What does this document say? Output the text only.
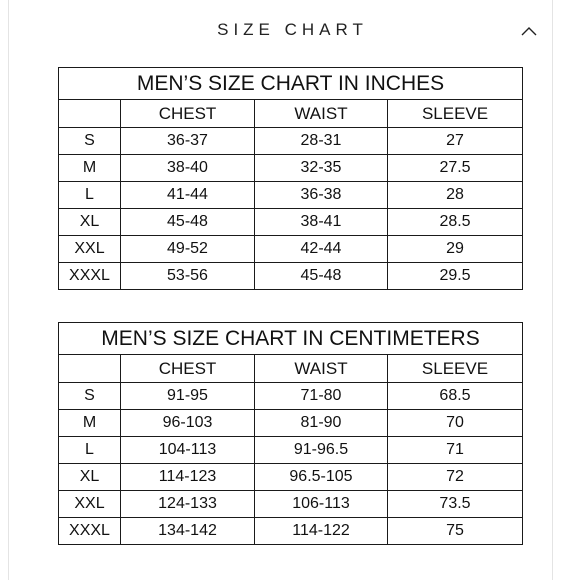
SIZE CHART
MEN’S SIZE CHART IN INCHES			
	CHEST	WAIST	SLEEVE
S	36-37	28-31	27
M	38-40	32-35	27.5
L	41-44	36-38	28
XL	45-48	38-41	28.5
XXL	49-52	42-44	29
XXXL	53-56	45-48	29.5
MEN’S SIZE CHART IN CENTIMETERS			
	CHEST	WAIST	SLEEVE
S	91-95	71-80	68.5
M	96-103	81-90	70
L	104-113	91-96.5	71
XL	114-123	96.5-105	72
XXL	124-133	106-113	73.5
XXXL	134-142	114-122	75
